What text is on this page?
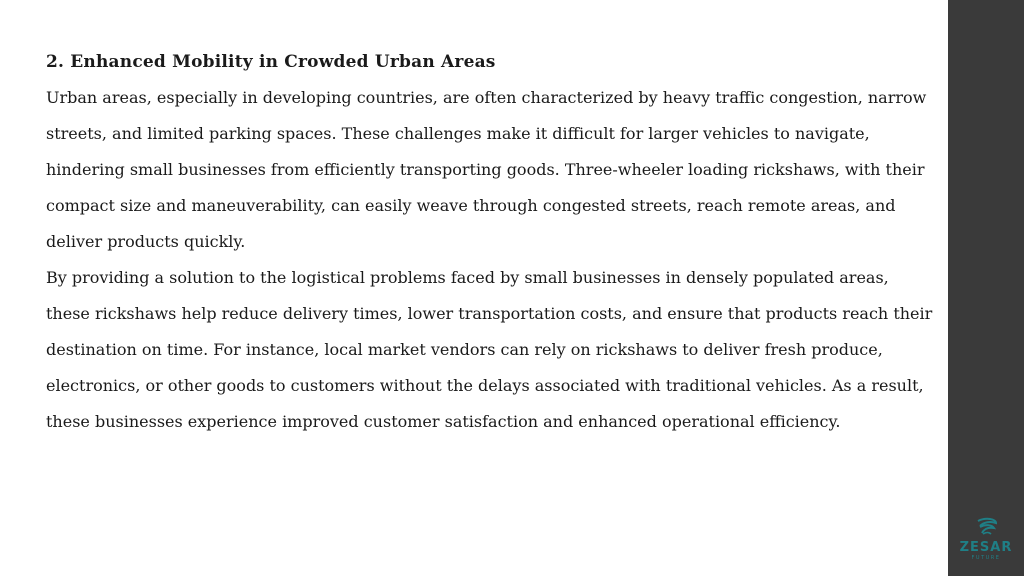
2. Enhanced Mobility in Crowded Urban Areas

Urban areas, especially in developing countries, are often characterized by heavy traffic congestion, narrow streets, and limited parking spaces. These challenges make it difficult for larger vehicles to navigate, hindering small businesses from efficiently transporting goods. Three-wheeler loading rickshaws, with their compact size and maneuverability, can easily weave through congested streets, reach remote areas, and deliver products quickly.

By providing a solution to the logistical problems faced by small businesses in densely populated areas, these rickshaws help reduce delivery times, lower transportation costs, and ensure that products reach their destination on time. For instance, local market vendors can rely on rickshaws to deliver fresh produce, electronics, or other goods to customers without the delays associated with traditional vehicles. As a result, these businesses experience improved customer satisfaction and enhanced operational efficiency.

ZESAR
FUTURE
